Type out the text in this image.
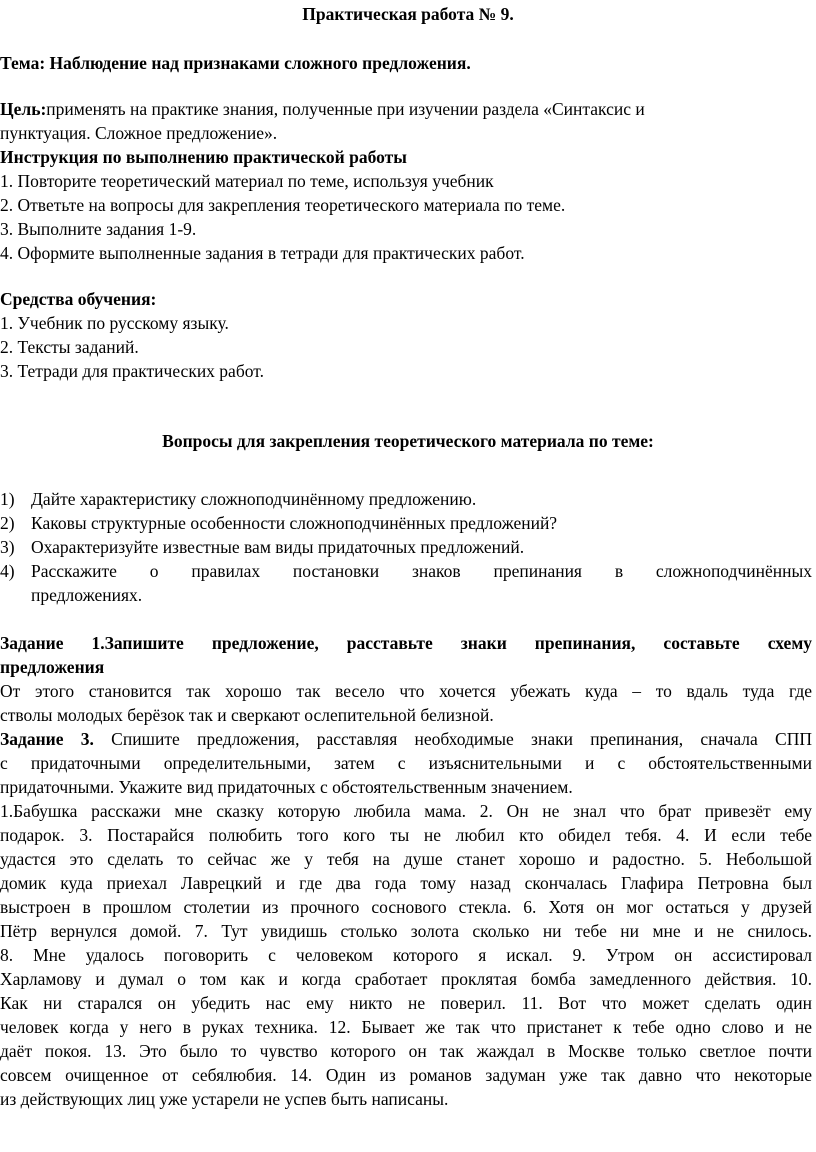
Практическая работа № 9.
Тема: Наблюдение над признаками сложного предложения.
Цель:применять на практике знания, полученные при изучении раздела «Синтаксис и
пунктуация. Сложное предложение».
Инструкция по выполнению практической работы
1. Повторите теоретический материал по теме, используя учебник
2. Ответьте на вопросы для закрепления теоретического материала по теме.
3. Выполните задания 1-9.
4. Оформите выполненные задания в тетради для практических работ.
Средства обучения:
1. Учебник по русскому языку.
2. Тексты заданий.
3. Тетради для практических работ.
Вопросы для закрепления теоретического материала по теме:
1) Дайте характеристику сложноподчинённому предложению.
2) Каковы структурные особенности сложноподчинённых предложений?
3) Охарактеризуйте известные вам виды придаточных предложений.
4) Расскажите о правилах постановки знаков препинания в сложноподчинённых
предложениях.
Задание 1.Запишите предложение, расставьте знаки препинания, составьте схему
предложения
От этого становится так хорошо так весело что хочется убежать куда – то вдаль туда где
стволы молодых берёзок так и сверкают ослепительной белизной.
Задание 3. Спишите предложения, расставляя необходимые знаки препинания, сначала СПП
с придаточными определительными, затем с изъяснительными и с обстоятельственными
придаточными. Укажите вид придаточных с обстоятельственным значением.
1.Бабушка расскажи мне сказку которую любила мама. 2. Он не знал что брат привезёт ему
подарок. 3. Постарайся полюбить того кого ты не любил кто обидел тебя. 4. И если тебе
удастся это сделать то сейчас же у тебя на душе станет хорошо и радостно. 5. Небольшой
домик куда приехал Лаврецкий и где два года тому назад скончалась Глафира Петровна был
выстроен в прошлом столетии из прочного соснового стекла. 6. Хотя он мог остаться у друзей
Пётр вернулся домой. 7. Тут увидишь столько золота сколько ни тебе ни мне и не снилось.
8. Мне удалось поговорить с человеком которого я искал. 9. Утром он ассистировал
Харламову и думал о том как и когда сработает проклятая бомба замедленного действия. 10.
Как ни старался он убедить нас ему никто не поверил. 11. Вот что может сделать один
человек когда у него в руках техника. 12. Бывает же так что пристанет к тебе одно слово и не
даёт покоя. 13. Это было то чувство которого он так жаждал в Москве только светлое почти
совсем очищенное от себялюбия. 14. Один из романов задуман уже так давно что некоторые
из действующих лиц уже устарели не успев быть написаны.
